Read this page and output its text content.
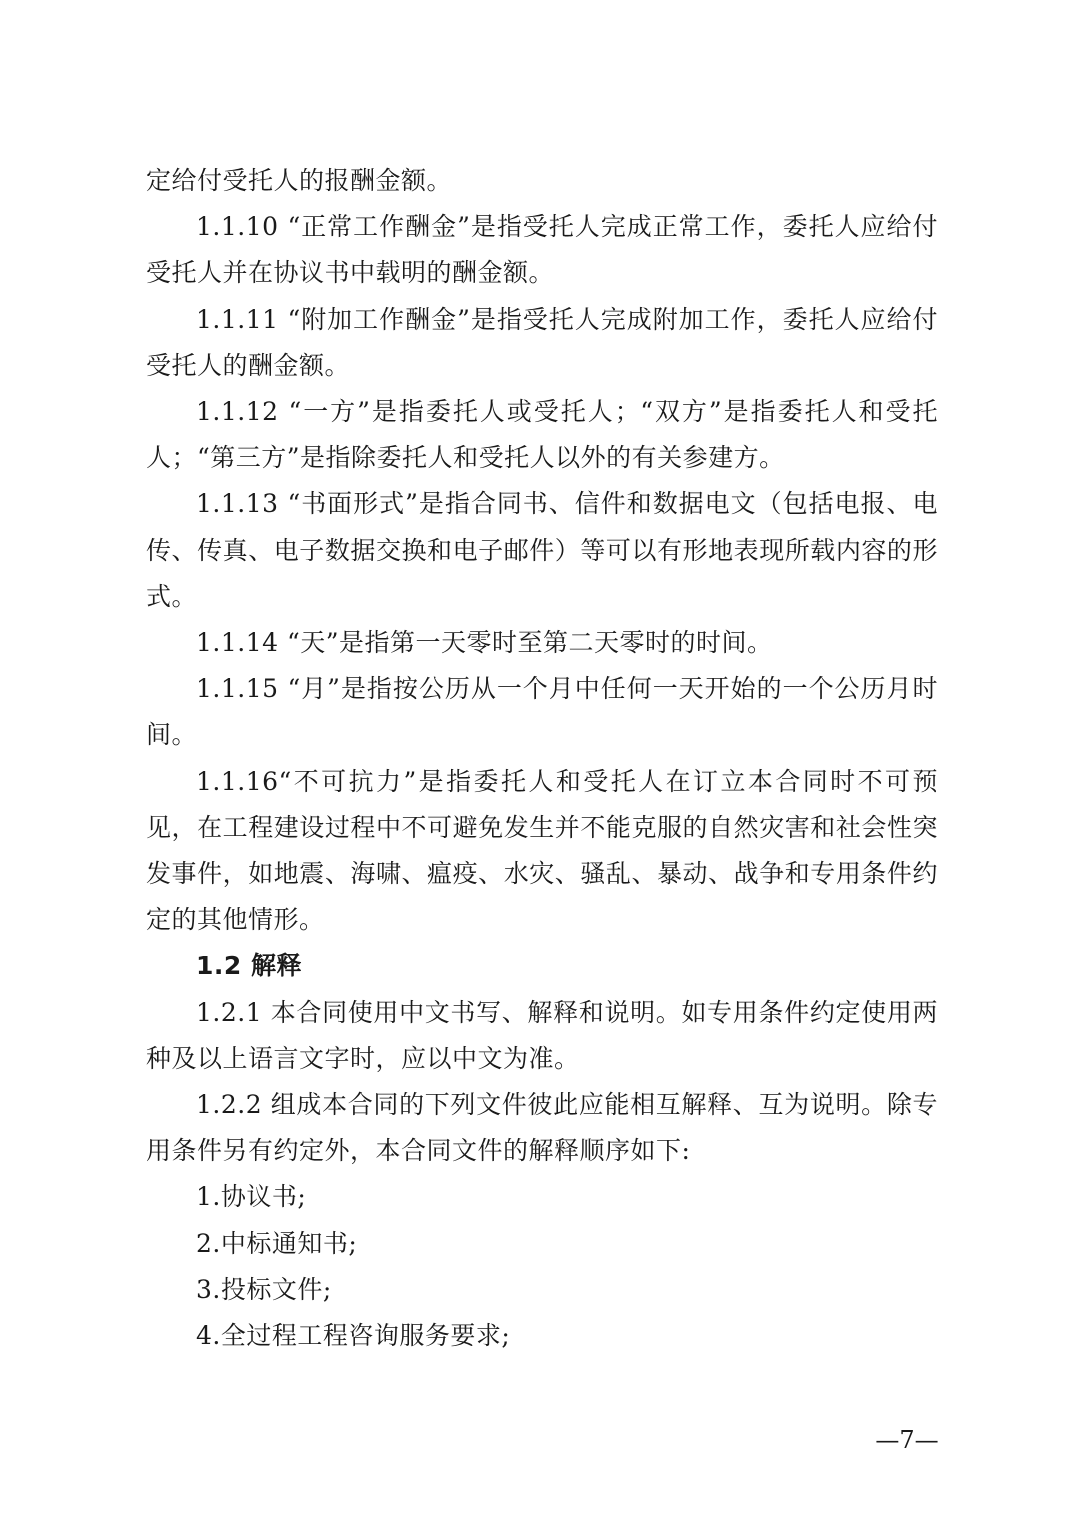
定给付受托人的报酬金额。

1.1.10 “正常工作酬金”是指受托人完成正常工作，委托人应给付受托人并在协议书中载明的酬金额。

1.1.11 “附加工作酬金”是指受托人完成附加工作，委托人应给付受托人的酬金额。

1.1.12 “一方”是指委托人或受托人；“双方”是指委托人和受托人；“第三方”是指除委托人和受托人以外的有关参建方。

1.1.13 “书面形式”是指合同书、信件和数据电文（包括电报、电传、传真、电子数据交换和电子邮件）等可以有形地表现所载内容的形式。

1.1.14 “天”是指第一天零时至第二天零时的时间。

1.1.15 “月”是指按公历从一个月中任何一天开始的一个公历月时间。

1.1.16“不可抗力”是指委托人和受托人在订立本合同时不可预见，在工程建设过程中不可避免发生并不能克服的自然灾害和社会性突发事件，如地震、海啸、瘟疫、水灾、骚乱、暴动、战争和专用条件约定的其他情形。

1.2 解释

1.2.1 本合同使用中文书写、解释和说明。如专用条件约定使用两种及以上语言文字时，应以中文为准。

1.2.2 组成本合同的下列文件彼此应能相互解释、互为说明。除专用条件另有约定外，本合同文件的解释顺序如下:

1.协议书;

2.中标通知书;

3.投标文件;

4.全过程工程咨询服务要求;

—7—
